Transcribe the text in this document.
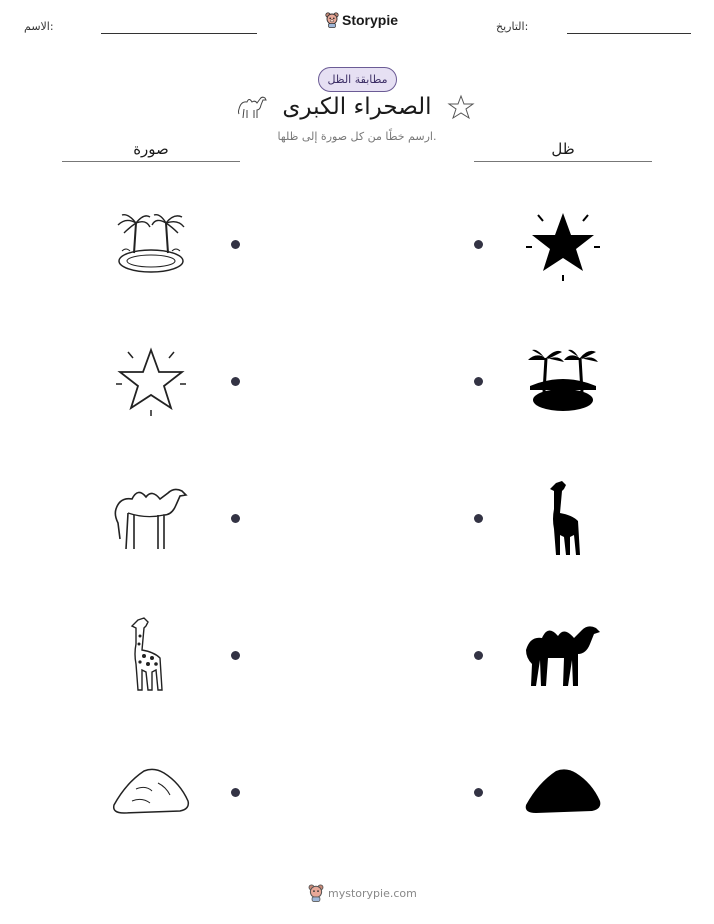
الاسم:	Storypie	التاريخ:
مطابقة الظل
الصحراء الكبرى
ارسم خطًا من كل صورة إلى ظلها.
صورة	ظل
mystorypie.com
